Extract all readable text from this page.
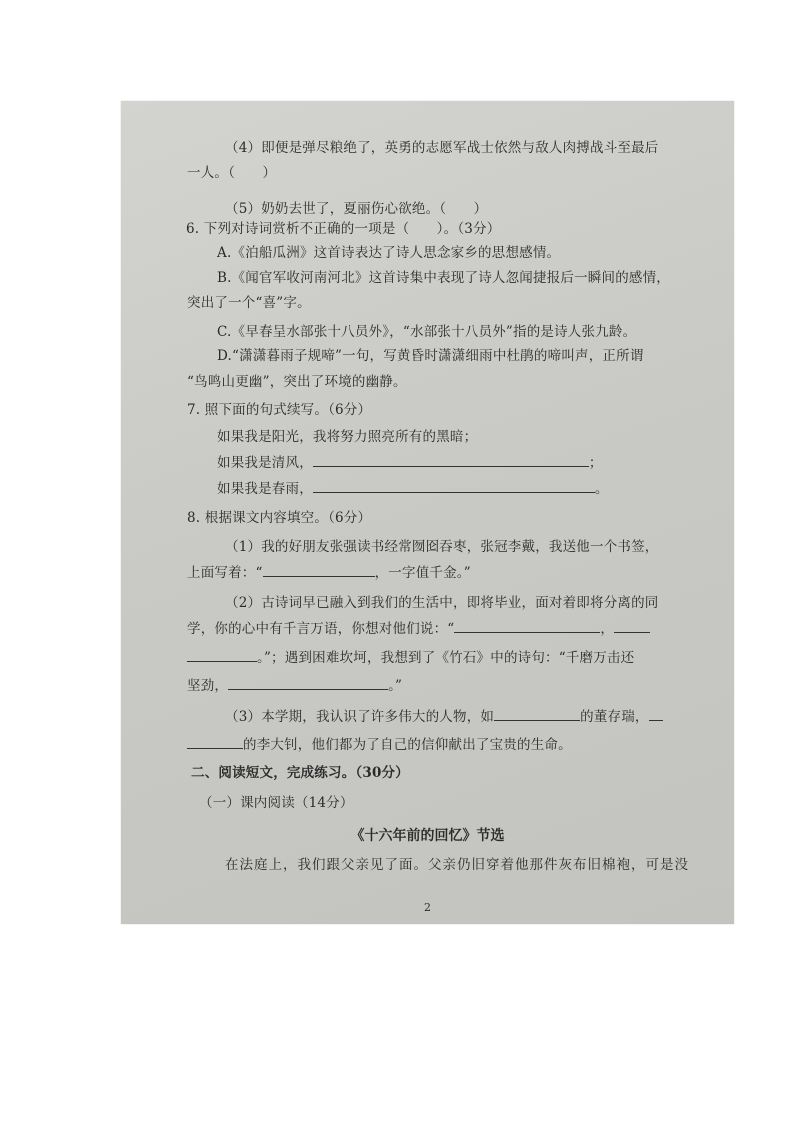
（4）即便是弹尽粮绝了，英勇的志愿军战士依然与敌人肉搏战斗至最后
一人。（　　）
（5）奶奶去世了，夏丽伤心欲绝。（　　）
6. 下列对诗词赏析不正确的一项是（　　）。（3分）
A.《泊船瓜洲》这首诗表达了诗人思念家乡的思想感情。
B.《闻官军收河南河北》这首诗集中表现了诗人忽闻捷报后一瞬间的感情，
突出了一个“喜”字。
C.《早春呈水部张十八员外》，“水部张十八员外”指的是诗人张九龄。
D.“潇潇暮雨子规啼”一句，写黄昏时潇潇细雨中杜鹃的啼叫声，正所谓
“鸟鸣山更幽”，突出了环境的幽静。
7. 照下面的句式续写。（6分）
如果我是阳光，我将努力照亮所有的黑暗；
如果我是清风，	；
如果我是春雨，	。
8. 根据课文内容填空。（6分）
（1）我的好朋友张强读书经常囫囵吞枣，张冠李戴，我送他一个书签，
上面写着：“	，一字值千金。”
（2）古诗词早已融入到我们的生活中，即将毕业，面对着即将分离的同
学，你的心中有千言万语，你想对他们说：“	，
。”；遇到困难坎坷，我想到了《竹石》中的诗句：“千磨万击还
坚劲，	。”
（3）本学期，我认识了许多伟大的人物，如	的董存瑞，
的李大钊，他们都为了自己的信仰献出了宝贵的生命。
二、阅读短文，完成练习。（30分）
（一）课内阅读（14分）
《十六年前的回忆》节选
在法庭上，我们跟父亲见了面。父亲仍旧穿着他那件灰布旧棉袍，可是没
2
